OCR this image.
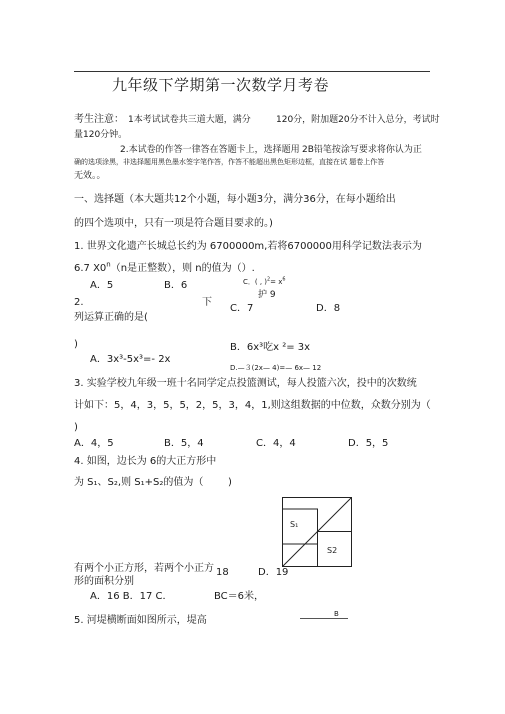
九年级下学期第一次数学月考卷
考生注意： 1本考试试卷共三道大题，满分	120分，附加题20分不计入总分，考试时
量120分钟。
2.本试卷的作答一律答在答题卡上，选择题用 2B铅笔按涂写要求将你认为正
确的选项涂黑，非选择题用黑色墨水签字笔作答，作答不能超出黑色矩形边框，直接在试 题卷上作答
无效。。
一、选择题（本大题共12个小题，每小题3分，满分36分，在每小题给出
的四个选项中，只有一项是符合题目要求的。)
1. 世界文化遗产长城总长约为 6700000m,若将6700000用科学记数法表示为
6.7 X0$^n$（n是正整数），则 n的值为（）.
A．5	B．6
C．7	D．8
C．( , )$^2= x^6$
护 9
2.	下
列运算正确的是(
)	B．6x³吃x ²= 3x
A．3x³-5x³=- 2x
D.—３(2x— 4)=— 6x— 12
3. 实验学校九年级一班十名同学定点投篮测试，每人投篮六次，投中的次数统
计如下：5，4，3，5，5，2，5，3，4，1,则这组数据的中位数，众数分别为（
)
A．4，5	B．5，4	C．4，4	D．5，5
4. 如图，边长为 6的大正方形中
为 S₁、S₂,则 S₁+S₂的值为（ )
S₁
S2
有两个小正方形，若两个小正方 18	D．19
形的面积分别
A．16 B．17 C．	BC＝6米，
B
5. 河堤横断面如图所示，堤高
